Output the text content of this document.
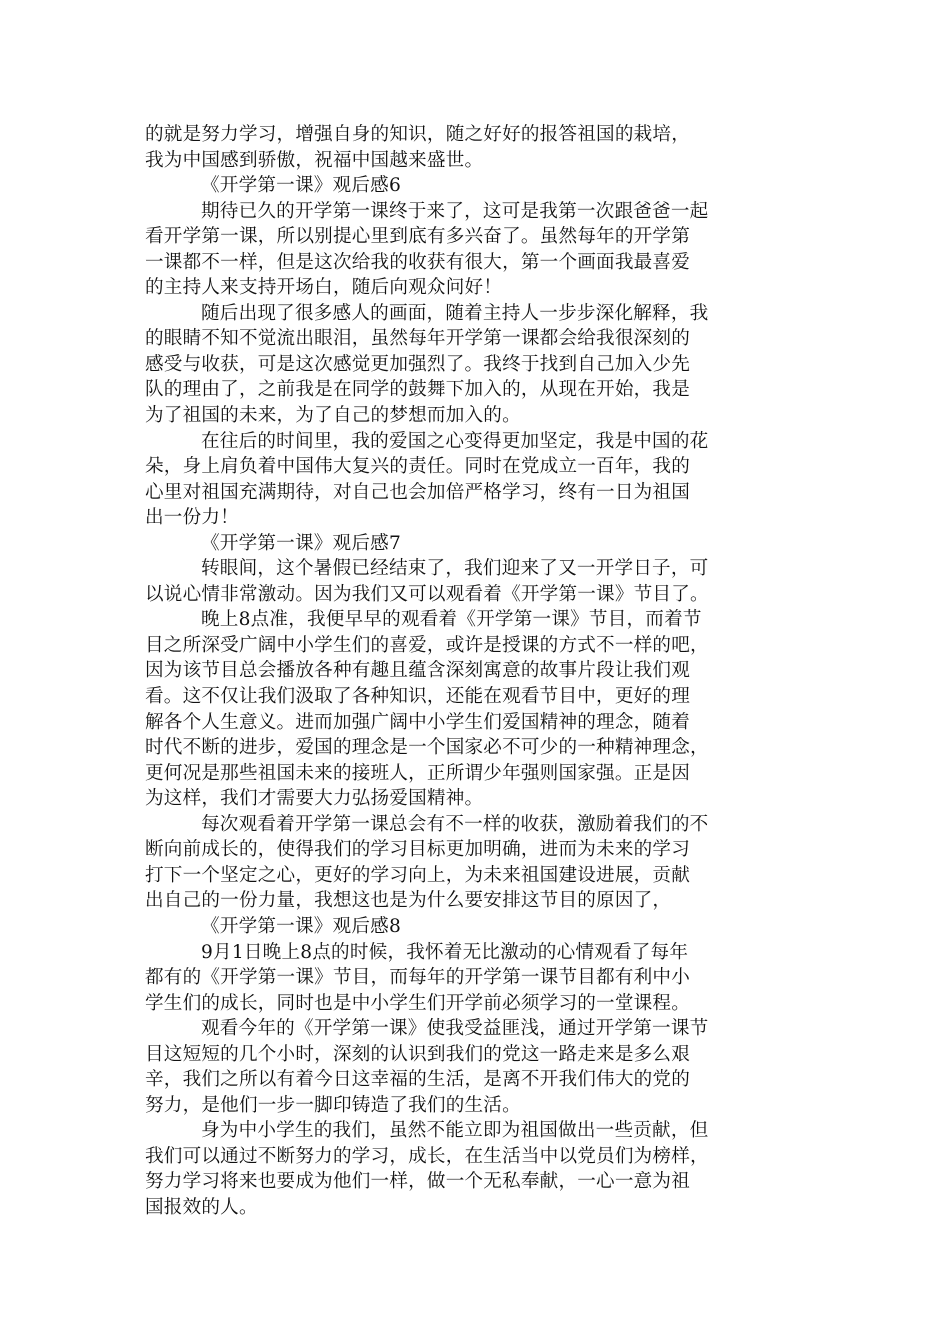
的就是努力学习，增强自身的知识，随之好好的报答祖国的栽培，
我为中国感到骄傲，祝福中国越来盛世。
《开学第一课》观后感6
期待已久的开学第一课终于来了，这可是我第一次跟爸爸一起
看开学第一课，所以别提心里到底有多兴奋了。虽然每年的开学第
一课都不一样，但是这次给我的收获有很大，第一个画面我最喜爱
的主持人来支持开场白，随后向观众问好！
随后出现了很多感人的画面，随着主持人一步步深化解释，我
的眼睛不知不觉流出眼泪，虽然每年开学第一课都会给我很深刻的
感受与收获，可是这次感觉更加强烈了。我终于找到自己加入少先
队的理由了，之前我是在同学的鼓舞下加入的，从现在开始，我是
为了祖国的未来，为了自己的梦想而加入的。
在往后的时间里，我的爱国之心变得更加坚定，我是中国的花
朵，身上肩负着中国伟大复兴的责任。同时在党成立一百年，我的
心里对祖国充满期待，对自己也会加倍严格学习，终有一日为祖国
出一份力！
《开学第一课》观后感7
转眼间，这个暑假已经结束了，我们迎来了又一开学日子，可
以说心情非常激动。因为我们又可以观看着《开学第一课》节目了。
晚上8点准，我便早早的观看着《开学第一课》节目，而着节
目之所深受广阔中小学生们的喜爱，或许是授课的方式不一样的吧，
因为该节目总会播放各种有趣且蕴含深刻寓意的故事片段让我们观
看。这不仅让我们汲取了各种知识，还能在观看节目中，更好的理
解各个人生意义。进而加强广阔中小学生们爱国精神的理念，随着
时代不断的进步，爱国的理念是一个国家必不可少的一种精神理念，
更何况是那些祖国未来的接班人，正所谓少年强则国家强。正是因
为这样，我们才需要大力弘扬爱国精神。
每次观看着开学第一课总会有不一样的收获，激励着我们的不
断向前成长的，使得我们的学习目标更加明确，进而为未来的学习
打下一个坚定之心，更好的学习向上，为未来祖国建设进展，贡献
出自己的一份力量，我想这也是为什么要安排这节目的原因了，
《开学第一课》观后感8
9月1日晚上8点的时候，我怀着无比激动的心情观看了每年
都有的《开学第一课》节目，而每年的开学第一课节目都有利中小
学生们的成长，同时也是中小学生们开学前必须学习的一堂课程。
观看今年的《开学第一课》使我受益匪浅，通过开学第一课节
目这短短的几个小时，深刻的认识到我们的党这一路走来是多么艰
辛，我们之所以有着今日这幸福的生活，是离不开我们伟大的党的
努力，是他们一步一脚印铸造了我们的生活。
身为中小学生的我们，虽然不能立即为祖国做出一些贡献，但
我们可以通过不断努力的学习，成长，在生活当中以党员们为榜样，
努力学习将来也要成为他们一样，做一个无私奉献，一心一意为祖
国报效的人。
